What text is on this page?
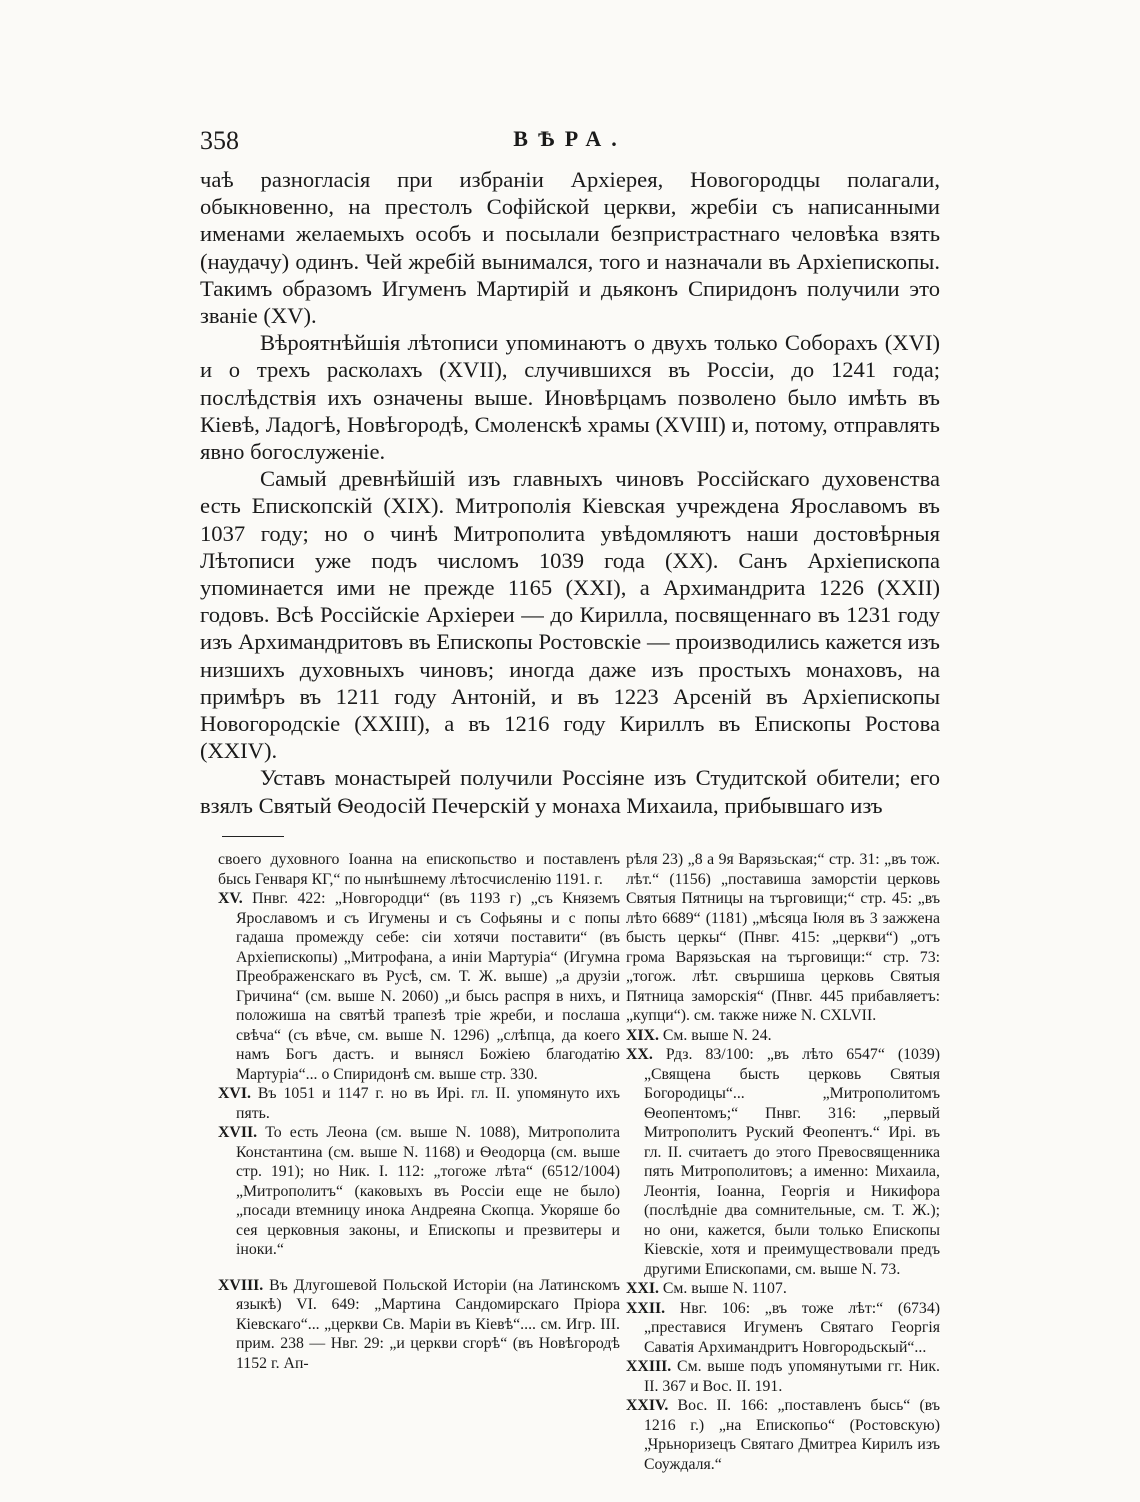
358	ВѢРА.

чаѣ разногласія при избраніи Архіерея, Новогородцы полагали, обыкновенно, на престолъ Софійской церкви, жребіи съ написанными именами желаемыхъ особъ и посылали безпристрастнаго человѣка взять (наудачу) одинъ. Чей жребій вынимался, того и назначали въ Архіепископы. Такимъ образомъ Игуменъ Мартирій и дьяконъ Спиридонъ получили это званіе (XV).

Вѣроятнѣйшія лѣтописи упоминаютъ о двухъ только Соборахъ (XVI) и о трехъ расколахъ (XVII), случившихся въ Россіи, до 1241 года; послѣдствія ихъ означены выше. Иновѣрцамъ позволено было имѣть въ Кіевѣ, Ладогѣ, Новѣгородѣ, Смоленскѣ храмы (XVIII) и, потому, отправлять явно богослуженіе.

Самый древнѣйшій изъ главныхъ чиновъ Россійскаго духовенства есть Епископскій (XIX). Митрополія Кіевская учреждена Ярославомъ въ 1037 году; но о чинѣ Митрополита увѣдомляютъ наши достовѣрныя Лѣтописи уже подъ числомъ 1039 года (XX). Санъ Архіепископа упоминается ими не прежде 1165 (XXI), а Архимандрита 1226 (XXII) годовъ. Всѣ Россійскіе Архіереи — до Кирилла, посвященнаго въ 1231 году изъ Архимандритовъ въ Епископы Ростовскіе — производились кажется изъ низшихъ духовныхъ чиновъ; иногда даже изъ простыхъ монаховъ, на примѣръ въ 1211 году Антоній, и въ 1223 Арсеній въ Архіепископы Новогородскіе (XXIII), а въ 1216 году Кириллъ въ Епископы Ростова (XXIV).

Уставъ монастырей получили Россіяне изъ Студитской обители; его взялъ Святый Ѳеодосій Печерскій у монаха Михаила, прибывшаго изъ

своего духовного Іоанна на епископьство и поставленъ бысь Генваря КГ,“ по нынѣшнему лѣтосчисленію 1191. г.

XV. Пнвг. 422: „Новгородци“ (въ 1193 г) „съ Княземъ Ярославомъ и съ Игумены и съ Софьяны и с попы гадаша промежду себе: сіи хотячи поставити“ (въ Архіепископы) „Митрофана, а инiи Мартуріа“ (Игумна Преображенскаго въ Русѣ, см. Т. Ж. выше) „а друзіи Гричина“ (см. выше N. 2060) „и бысь распря в нихъ, и положиша на святѣй трапезѣ тріе жреби, и послаша свѣча“ (съ вѣче, см. выше N. 1296) „слѣпца, да коего намъ Богъ дастъ. и вынясл Божіею благодатію Мартуріа“... о Спиридонѣ см. выше стр. 330.

XVI. Въ 1051 и 1147 г. но въ Ирі. гл. II. упомянуто ихъ пять.

XVII. То есть Леона (см. выше N. 1088), Митрополита Константина (см. выше N. 1168) и Ѳеодорца (см. выше стр. 191); но Ник. I. 112: „тогоже лѣта“ (6512/1004) „Митрополитъ“ (каковыхъ въ Россіи еще не было) „посади втемницу инока Андреяна Скопца. Укоряше бо сея церковныя законы, и Епископы и презвитеры и іноки.“

XVIII. Въ Длугошевой Польской Исторіи (на Латинскомъ языкѣ) VI. 649: „Мартина Сандомирскаго Пріора Кіевскаго“... „церкви Св. Маріи въ Кіевѣ“.... см. Игр. III. прим. 238 — Нвг. 29: „и церкви сгорѣ“ (въ Новѣгородѣ 1152 г. Ап-

рѣля 23) „8 а 9я Варязьская;“ стр. 31: „въ тож. лѣт.“ (1156) „поставиша заморстіи церковь Святыя Пятницы на търговищи;“ стр. 45: „въ лѣто 6689“ (1181) „мѣсяца Іюля въ 3 зажжена бысть церкы“ (Пнвг. 415: „церкви“) „отъ грома Варязьская на търговищи:“ стр. 73: „тогож. лѣт. свършиша церковь Святыя Пятница заморскія“ (Пнвг. 445 прибавляетъ: „купци“). см. также ниже N. CXLVII.

XIX. См. выше N. 24.

XX. Рдз. 83/100: „въ лѣто 6547“ (1039) „Священа бысть церковь Святыя Богородицы“... „Митрополитомъ Ѳеопентомъ;“ Пнвг. 316: „первый Митрополитъ Руский Феопентъ.“ Ирі. въ гл. II. считаетъ до этого Превосвященника пять Митрополитовъ; а именно: Михаила, Леонтія, Іоанна, Георгія и Никифора (послѣдніе два сомнительные, см. Т. Ж.); но они, кажется, были только Епископы Кіевскіе, хотя и преимуществовали предъ другими Епископами, см. выше N. 73.

XXI. См. выше N. 1107.

XXII. Нвг. 106: „въ тоже лѣт:“ (6734) „преставися Игуменъ Святаго Георгія Саватія Архимандритъ Новгородьскый“...

XXIII. См. выше подъ упомянутыми гг. Ник. II. 367 и Вос. II. 191.

XXIV. Вос. II. 166: „поставленъ бысь“ (въ 1216 г.) „на Епископьо“ (Ростовскую) „Чрьноризецъ Святаго Дмитреа Кирилъ изъ Соуждаля.“
